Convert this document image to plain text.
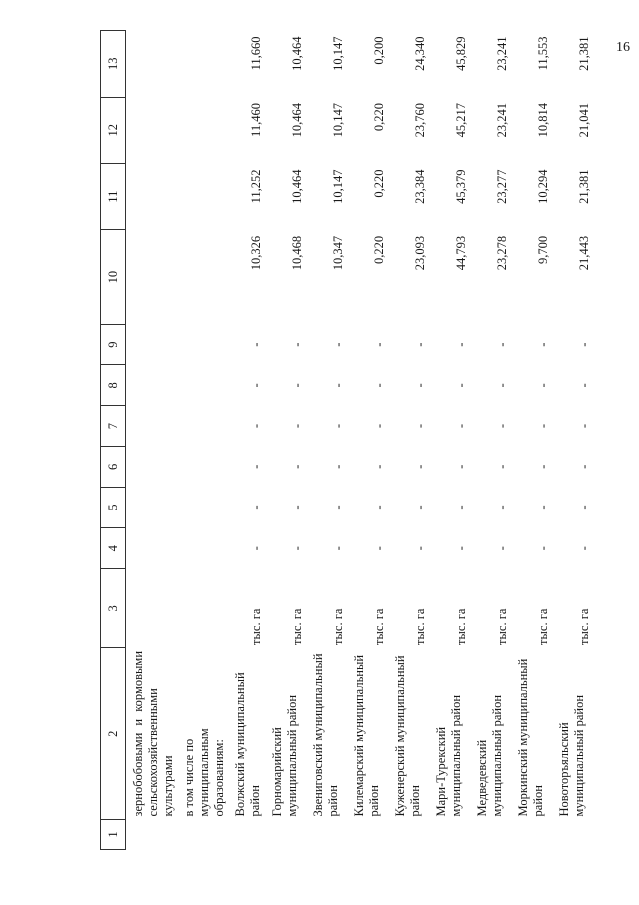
16
1	2	3	4	5	6	7	8	9	10	11	12	13
	зернобобовыми и кормовыми сельскохозяйственными культурами											
	в том числе по муниципальным образованиям:											
	Волжский муниципальный район	тыс. га	-	-	-	-	-	-	10,326	11,252	11,460	11,660
	Горномарийский муниципальный район	тыс. га	-	-	-	-	-	-	10,468	10,464	10,464	10,464
	Звениговский муниципальный район	тыс. га	-	-	-	-	-	-	10,347	10,147	10,147	10,147
	Килемарский муниципальный район	тыс. га	-	-	-	-	-	-	0,220	0,220	0,220	0,200
	Куженерский муниципальный район	тыс. га	-	-	-	-	-	-	23,093	23,384	23,760	24,340
	Мари-Турекский муниципальный район	тыс. га	-	-	-	-	-	-	44,793	45,379	45,217	45,829
	Медведевский муниципальный район	тыс. га	-	-	-	-	-	-	23,278	23,277	23,241	23,241
	Моркинский муниципальный район	тыс. га	-	-	-	-	-	-	9,700	10,294	10,814	11,553
	Новоторъяльский муниципальный район	тыс. га	-	-	-	-	-	-	21,443	21,381	21,041	21,381
